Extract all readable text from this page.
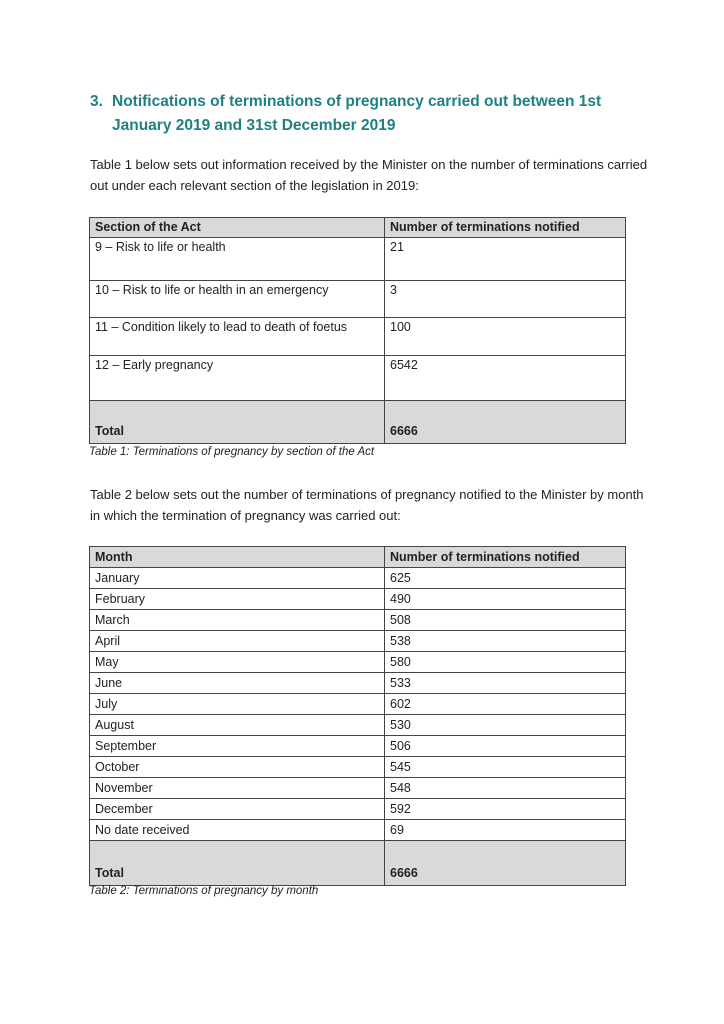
3. Notifications of terminations of pregnancy carried out between 1st January 2019 and 31st December 2019
Table 1 below sets out information received by the Minister on the number of terminations carried out under each relevant section of the legislation in 2019:
Section of the Act	Number of terminations notified
9 – Risk to life or health	21
10 – Risk to life or health in an emergency	3
11 – Condition likely to lead to death of foetus	100
12 – Early pregnancy	6542
Total	6666
Table 1: Terminations of pregnancy by section of the Act
Table 2 below sets out the number of terminations of pregnancy notified to the Minister by month in which the termination of pregnancy was carried out:
Month	Number of terminations notified
January	625
February	490
March	508
April	538
May	580
June	533
July	602
August	530
September	506
October	545
November	548
December	592
No date received	69
Total	6666
Table 2: Terminations of pregnancy by month
